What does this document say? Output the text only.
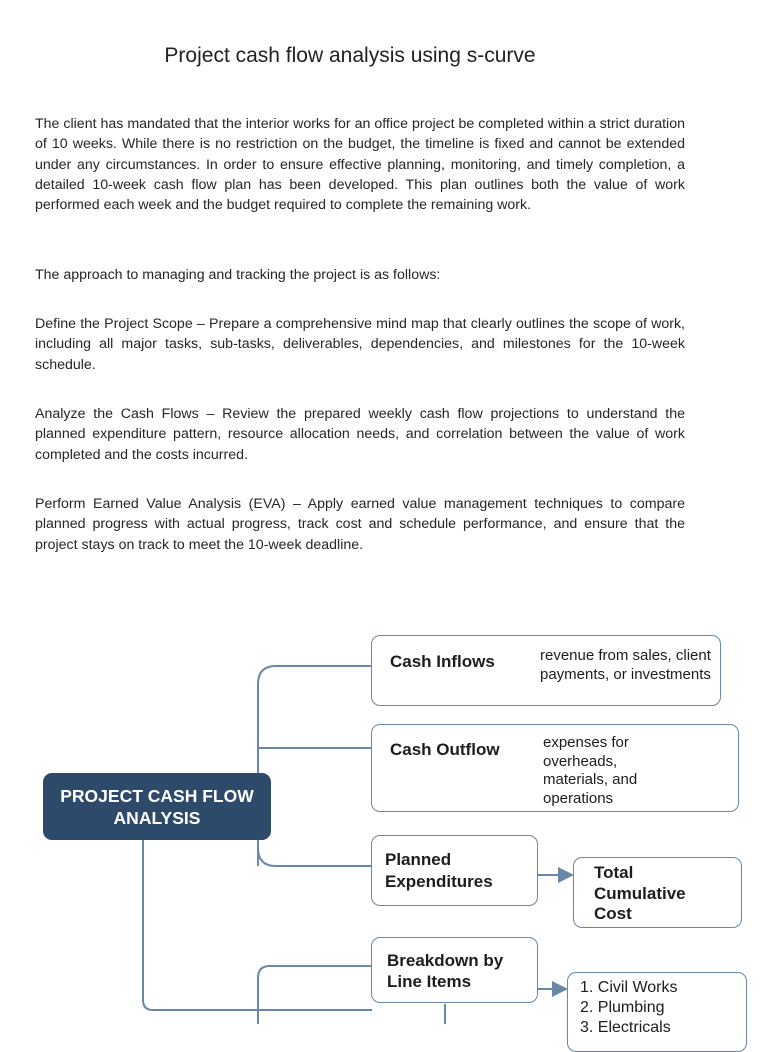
Project cash flow analysis using s-curve

The client has mandated that the interior works for an office project be completed within a strict duration of 10 weeks. While there is no restriction on the budget, the timeline is fixed and cannot be extended under any circumstances. In order to ensure effective planning, monitoring, and timely completion, a detailed 10-week cash flow plan has been developed. This plan outlines both the value of work performed each week and the budget required to complete the remaining work.

The approach to managing and tracking the project is as follows:

Define the Project Scope – Prepare a comprehensive mind map that clearly outlines the scope of work, including all major tasks, sub-tasks, deliverables, dependencies, and milestones for the 10-week schedule.

Analyze the Cash Flows – Review the prepared weekly cash flow projections to understand the planned expenditure pattern, resource allocation needs, and correlation between the value of work completed and the costs incurred.

Perform Earned Value Analysis (EVA) – Apply earned value management techniques to compare planned progress with actual progress, track cost and schedule performance, and ensure that the project stays on track to meet the 10-week deadline.

PROJECT CASH FLOW ANALYSIS
Cash Inflows	revenue from sales, client payments, or investments
Cash Outflow	expenses for overheads, materials, and operations
Planned Expenditures	Total Cumulative Cost
Breakdown by Line Items	1. Civil Works
2. Plumbing
3. Electricals
